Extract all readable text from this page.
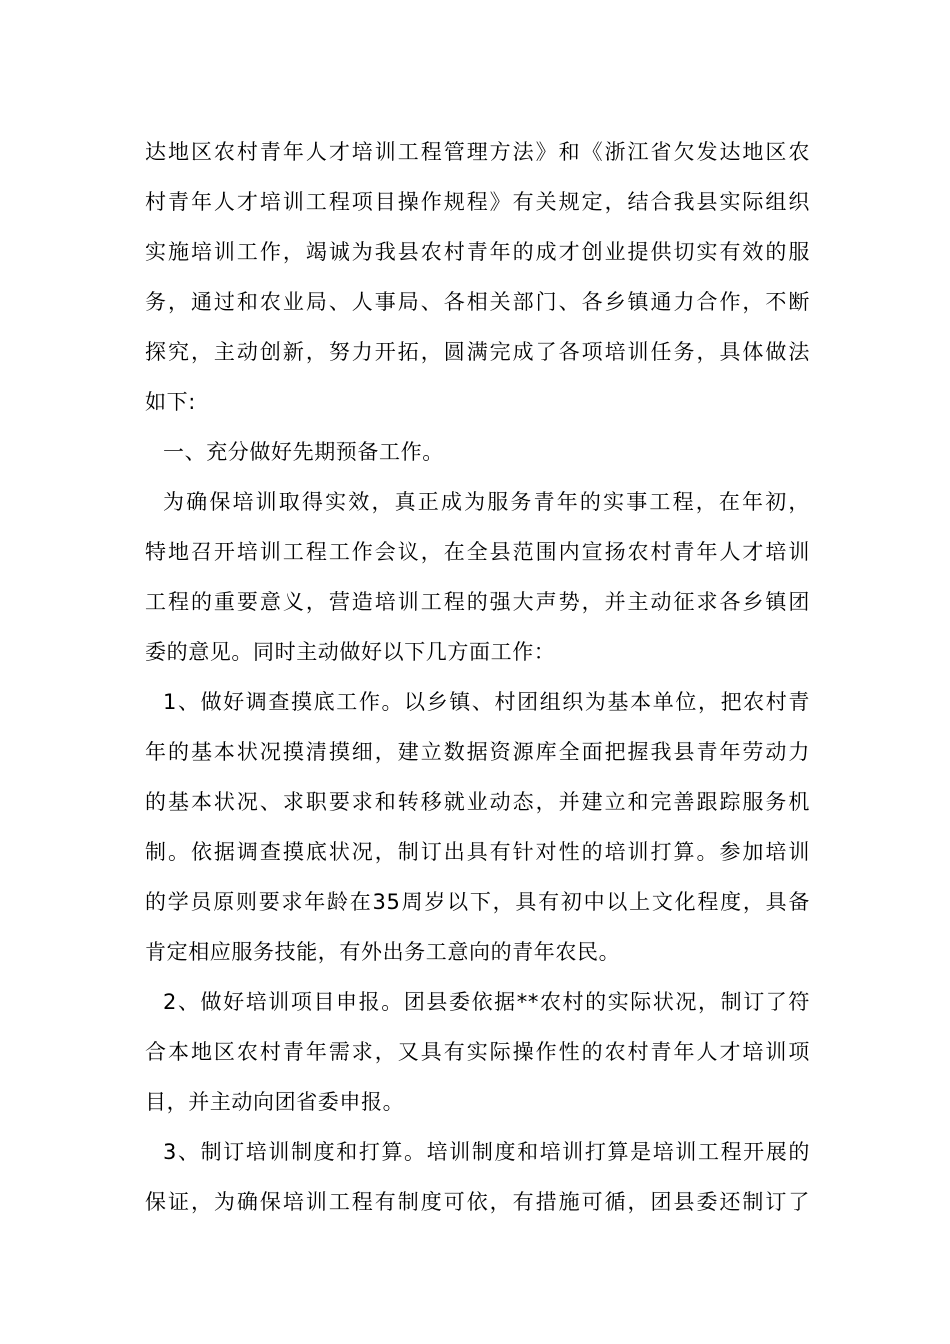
达地区农村青年人才培训工程管理方法》和《浙江省欠发达地区农
村青年人才培训工程项目操作规程》有关规定，结合我县实际组织
实施培训工作，竭诚为我县农村青年的成才创业提供切实有效的服
务，通过和农业局、人事局、各相关部门、各乡镇通力合作，不断
探究，主动创新，努力开拓，圆满完成了各项培训任务，具体做法
如下:
一、充分做好先期预备工作。
为确保培训取得实效，真正成为服务青年的实事工程，在年初，
特地召开培训工程工作会议，在全县范围内宣扬农村青年人才培训
工程的重要意义，营造培训工程的强大声势，并主动征求各乡镇团
委的意见。同时主动做好以下几方面工作：
1、做好调查摸底工作。以乡镇、村团组织为基本单位，把农村青
年的基本状况摸清摸细，建立数据资源库全面把握我县青年劳动力
的基本状况、求职要求和转移就业动态，并建立和完善跟踪服务机
制。依据调查摸底状况，制订出具有针对性的培训打算。参加培训
的学员原则要求年龄在35周岁以下，具有初中以上文化程度，具备
肯定相应服务技能，有外出务工意向的青年农民。
2、做好培训项目申报。团县委依据**农村的实际状况，制订了符
合本地区农村青年需求，又具有实际操作性的农村青年人才培训项
目，并主动向团省委申报。
3、制订培训制度和打算。培训制度和培训打算是培训工程开展的
保证，为确保培训工程有制度可依，有措施可循，团县委还制订了
